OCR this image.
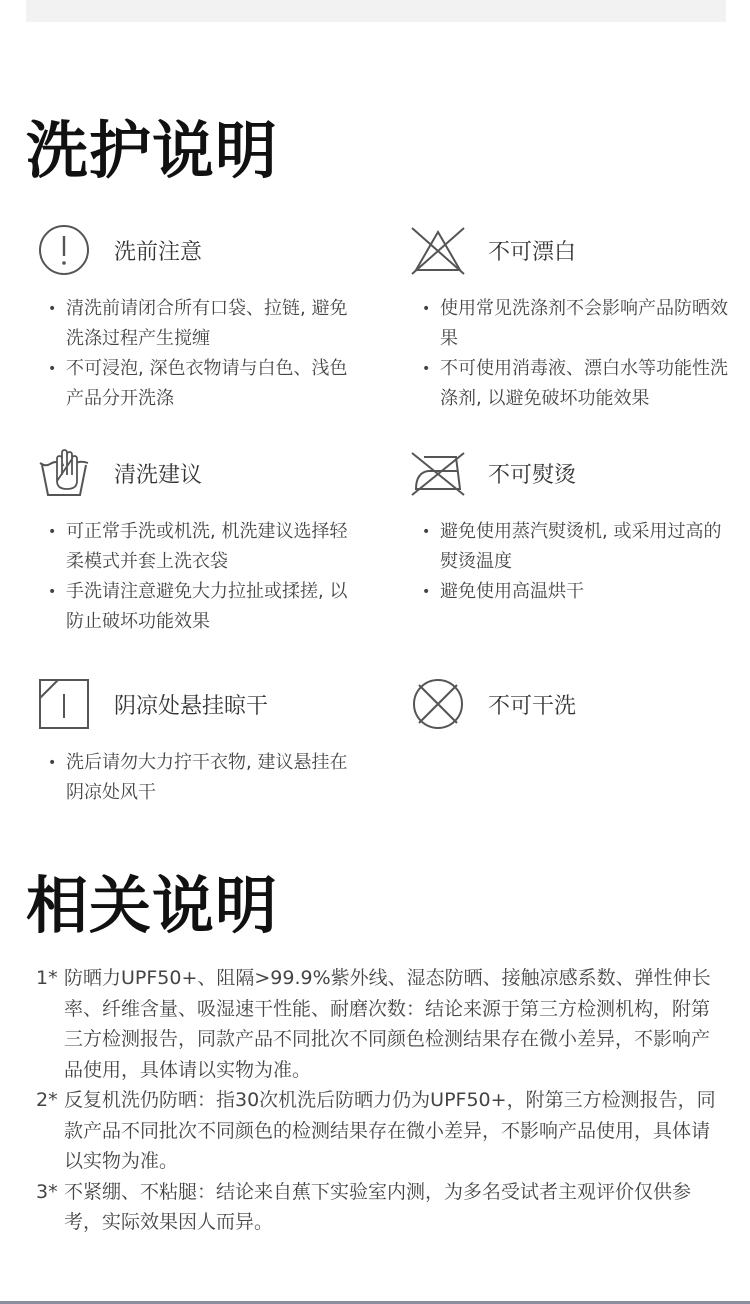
洗护说明
洗前注意
• 清洗前请闭合所有口袋、拉链, 避免洗涤过程产生搅缠
• 不可浸泡, 深色衣物请与白色、浅色产品分开洗涤
不可漂白
• 使用常见洗涤剂不会影响产品防晒效果
• 不可使用消毒液、漂白水等功能性洗涤剂, 以避免破坏功能效果
清洗建议
• 可正常手洗或机洗, 机洗建议选择轻柔模式并套上洗衣袋
• 手洗请注意避免大力拉扯或揉搓, 以防止破坏功能效果
不可熨烫
• 避免使用蒸汽熨烫机, 或采用过高的熨烫温度
• 避免使用高温烘干
阴凉处悬挂晾干
• 洗后请勿大力拧干衣物, 建议悬挂在阴凉处风干
不可干洗
相关说明
1* 防晒力UPF50+、阻隔>99.9%紫外线、湿态防晒、接触凉感系数、弹性伸长率、纤维含量、吸湿速干性能、耐磨次数：结论来源于第三方检测机构，附第三方检测报告，同款产品不同批次不同颜色检测结果存在微小差异，不影响产品使用，具体请以实物为准。
2* 反复机洗仍防晒：指30次机洗后防晒力仍为UPF50+，附第三方检测报告，同款产品不同批次不同颜色的检测结果存在微小差异，不影响产品使用，具体请以实物为准。
3* 不紧绷、不粘腿：结论来自蕉下实验室内测，为多名受试者主观评价仅供参考，实际效果因人而异。
